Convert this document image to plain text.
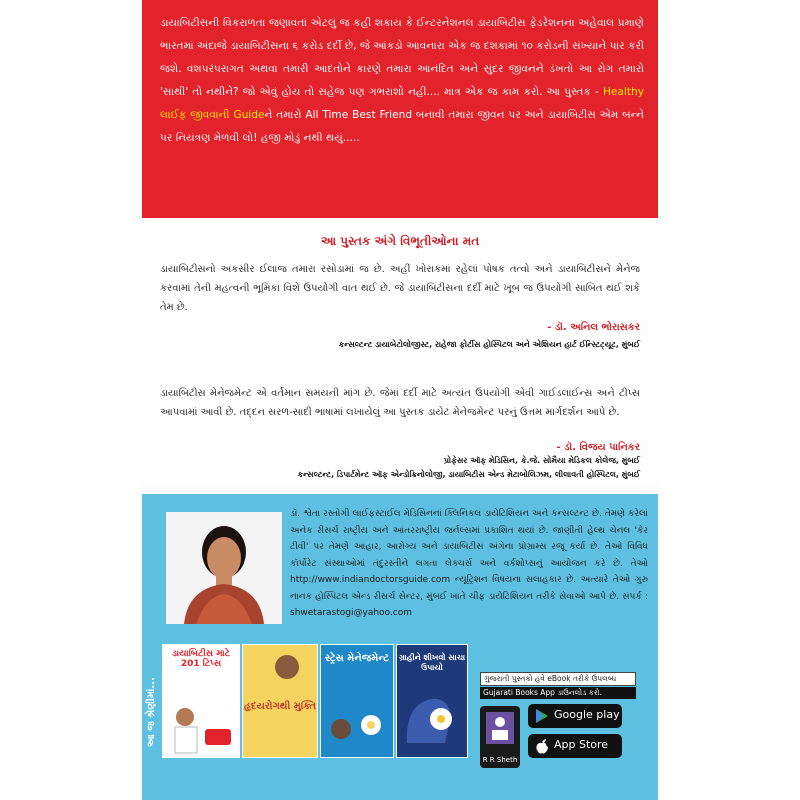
ડાયાબિટીસની વિકરાળતા જણાવતાં એટલું જ કહી શકાય કે ઈન્ટરનેશનલ ડાયાબિટીસ ફેડરેશનના અહેવાલ પ્રમાણે ભારતમાં અંદાજે ડાયાબિટીસના ૬ કરોડ દર્દી છે, જે આંકડો આવનારા એક જ દશકામાં ૧૦ કરોડની સંખ્યાને પાર કરી જશે. વંશપરંપરાગત અથવા તમારી આદતોને કારણે તમારા આનંદિત અને સુંદર જીવનને ડંખતો આ રોગ તમારો 'સાથી' તો નથીને? જો એવું હોય તો સહેજ પણ ગભરાશો નહી.... માત્ર એક જ કામ કરો. આ પુસ્તક - Healthy લાઈફ જીવવાની Guideને તમારો All Time Best Friend બનાવી તમારા જીવન પર અને ડાયાબિટીસ એમ બન્ને પર નિયંત્રણ મેળવી લો! હજી મોડું નથી થયું.....

આ પુસ્તક અંગે વિભૂતીઓના મત
ડાયાબિટીસનો અકસીર ઈલાજ તમારા રસોડામાં જ છે. અહીં ખોરાકમાં રહેલાં પોષક તત્વો અને ડાયાબિટીસને મેનેજ કરવામાં તેની મહત્વની ભૂમિકા વિશે ઉપયોગી વાત થઈ છે. જે ડાયાબિટીસના દર્દી માટે ખૂબ જ ઉપયોગી સાબિત થઈ શકે તેમ છે.
- ડૉ. અનિલ ભોરાસકર
કન્સલ્ટન્ટ ડાયાબેટોલોજીસ્ટ, રાહેજા ફોર્ટીસ હોસ્પિટલ અને એશિયન હાર્ટ ઈન્સ્ટિટ્યૂટ, મુંબઈ
ડાયાબિટીસ મેનેજમેન્ટ એ વર્તમાન સમયની માંગ છે. જેમાં દર્દી માટે અત્યંત ઉપયોગી એવી ગાઈડલાઈન્સ અને ટીપ્સ આપવામાં આવી છે. તદ્દન સરળ-સાદી ભાષામાં લખાયેલું આ પુસ્તક ડાયેટ મેનેજમેન્ટ પરનું ઉત્તમ માર્ગદર્શન આપે છે.
- ડૉ. વિજય પાનિકર
પ્રોફેસર ઑફ મેડિસિન, કે.જે. સોમૈયા મેડિકલ કોલેજ, મુંબઈ
કન્સલ્ટન્ટ, ડિપાર્ટમેન્ટ ઑફ એન્ડોક્રિનોલોજી, ડાયાબિટીસ એન્ડ મેટાબોલિઝમ, લીલાવતી હોસ્પિટલ, મુંબઈ
ડૉ. શ્વેતા રસ્તોગી લાઈફસ્ટાઈલ મેડિસિનનાં ક્લિનિકલ ડાયેટિશિયન અને કન્સલ્ટન્ટ છે. તેમણે કરેલાં અનેક રીસર્ચ રાષ્ટ્રીય અને આંતરરાષ્ટ્રીય જર્નલ્સમાં પ્રકાશિત થયાં છે. જાણીતી હેલ્થ ચેનલ 'કેર ટીવી' પર તેમણે આહાર, આરોગ્ય અને ડાયાબિટીસ અંગેના પ્રોગ્રામ્સ રજૂ કર્યા છે. તેઓ વિવિધ કૉર્પોરેટ સંસ્થાઓમાં તંદુરસ્તીને લગતા લેક્ચર્સ અને વર્કશોપ્સનું આયોજન કરે છે. તેઓ http://www.indiandoctorsguide.com ન્યૂટ્રિશન વિષયના સલાહકાર છે. અત્યારે તેઓ ગુરુ નાનક હોસ્પિટલ એન્ડ રીસર્ચ સેન્ટર, મુંબઈ ખાતે ચીફ ડાયેટિશિયન તરીકે સેવાઓ આપે છે. સંપર્ક : shwetarastogi@yahoo.com
આ જ શ્રેણીમાં...
ડાયાબિટીસ માટે 201 ટિપ્સ
હૃદયરોગથી મુક્તિ
સ્ટ્રેસ મેનેજમેન્ટ	ગ્રાહીને શીખવો સાચા ઉપાયો
ગુજરાતી પુસ્તકો હવે eBook તરીકે ઉપલબ્ધ
Gujarati Books App ડાઉનલોડ કરો.
R R Sheth
Google play
App Store
